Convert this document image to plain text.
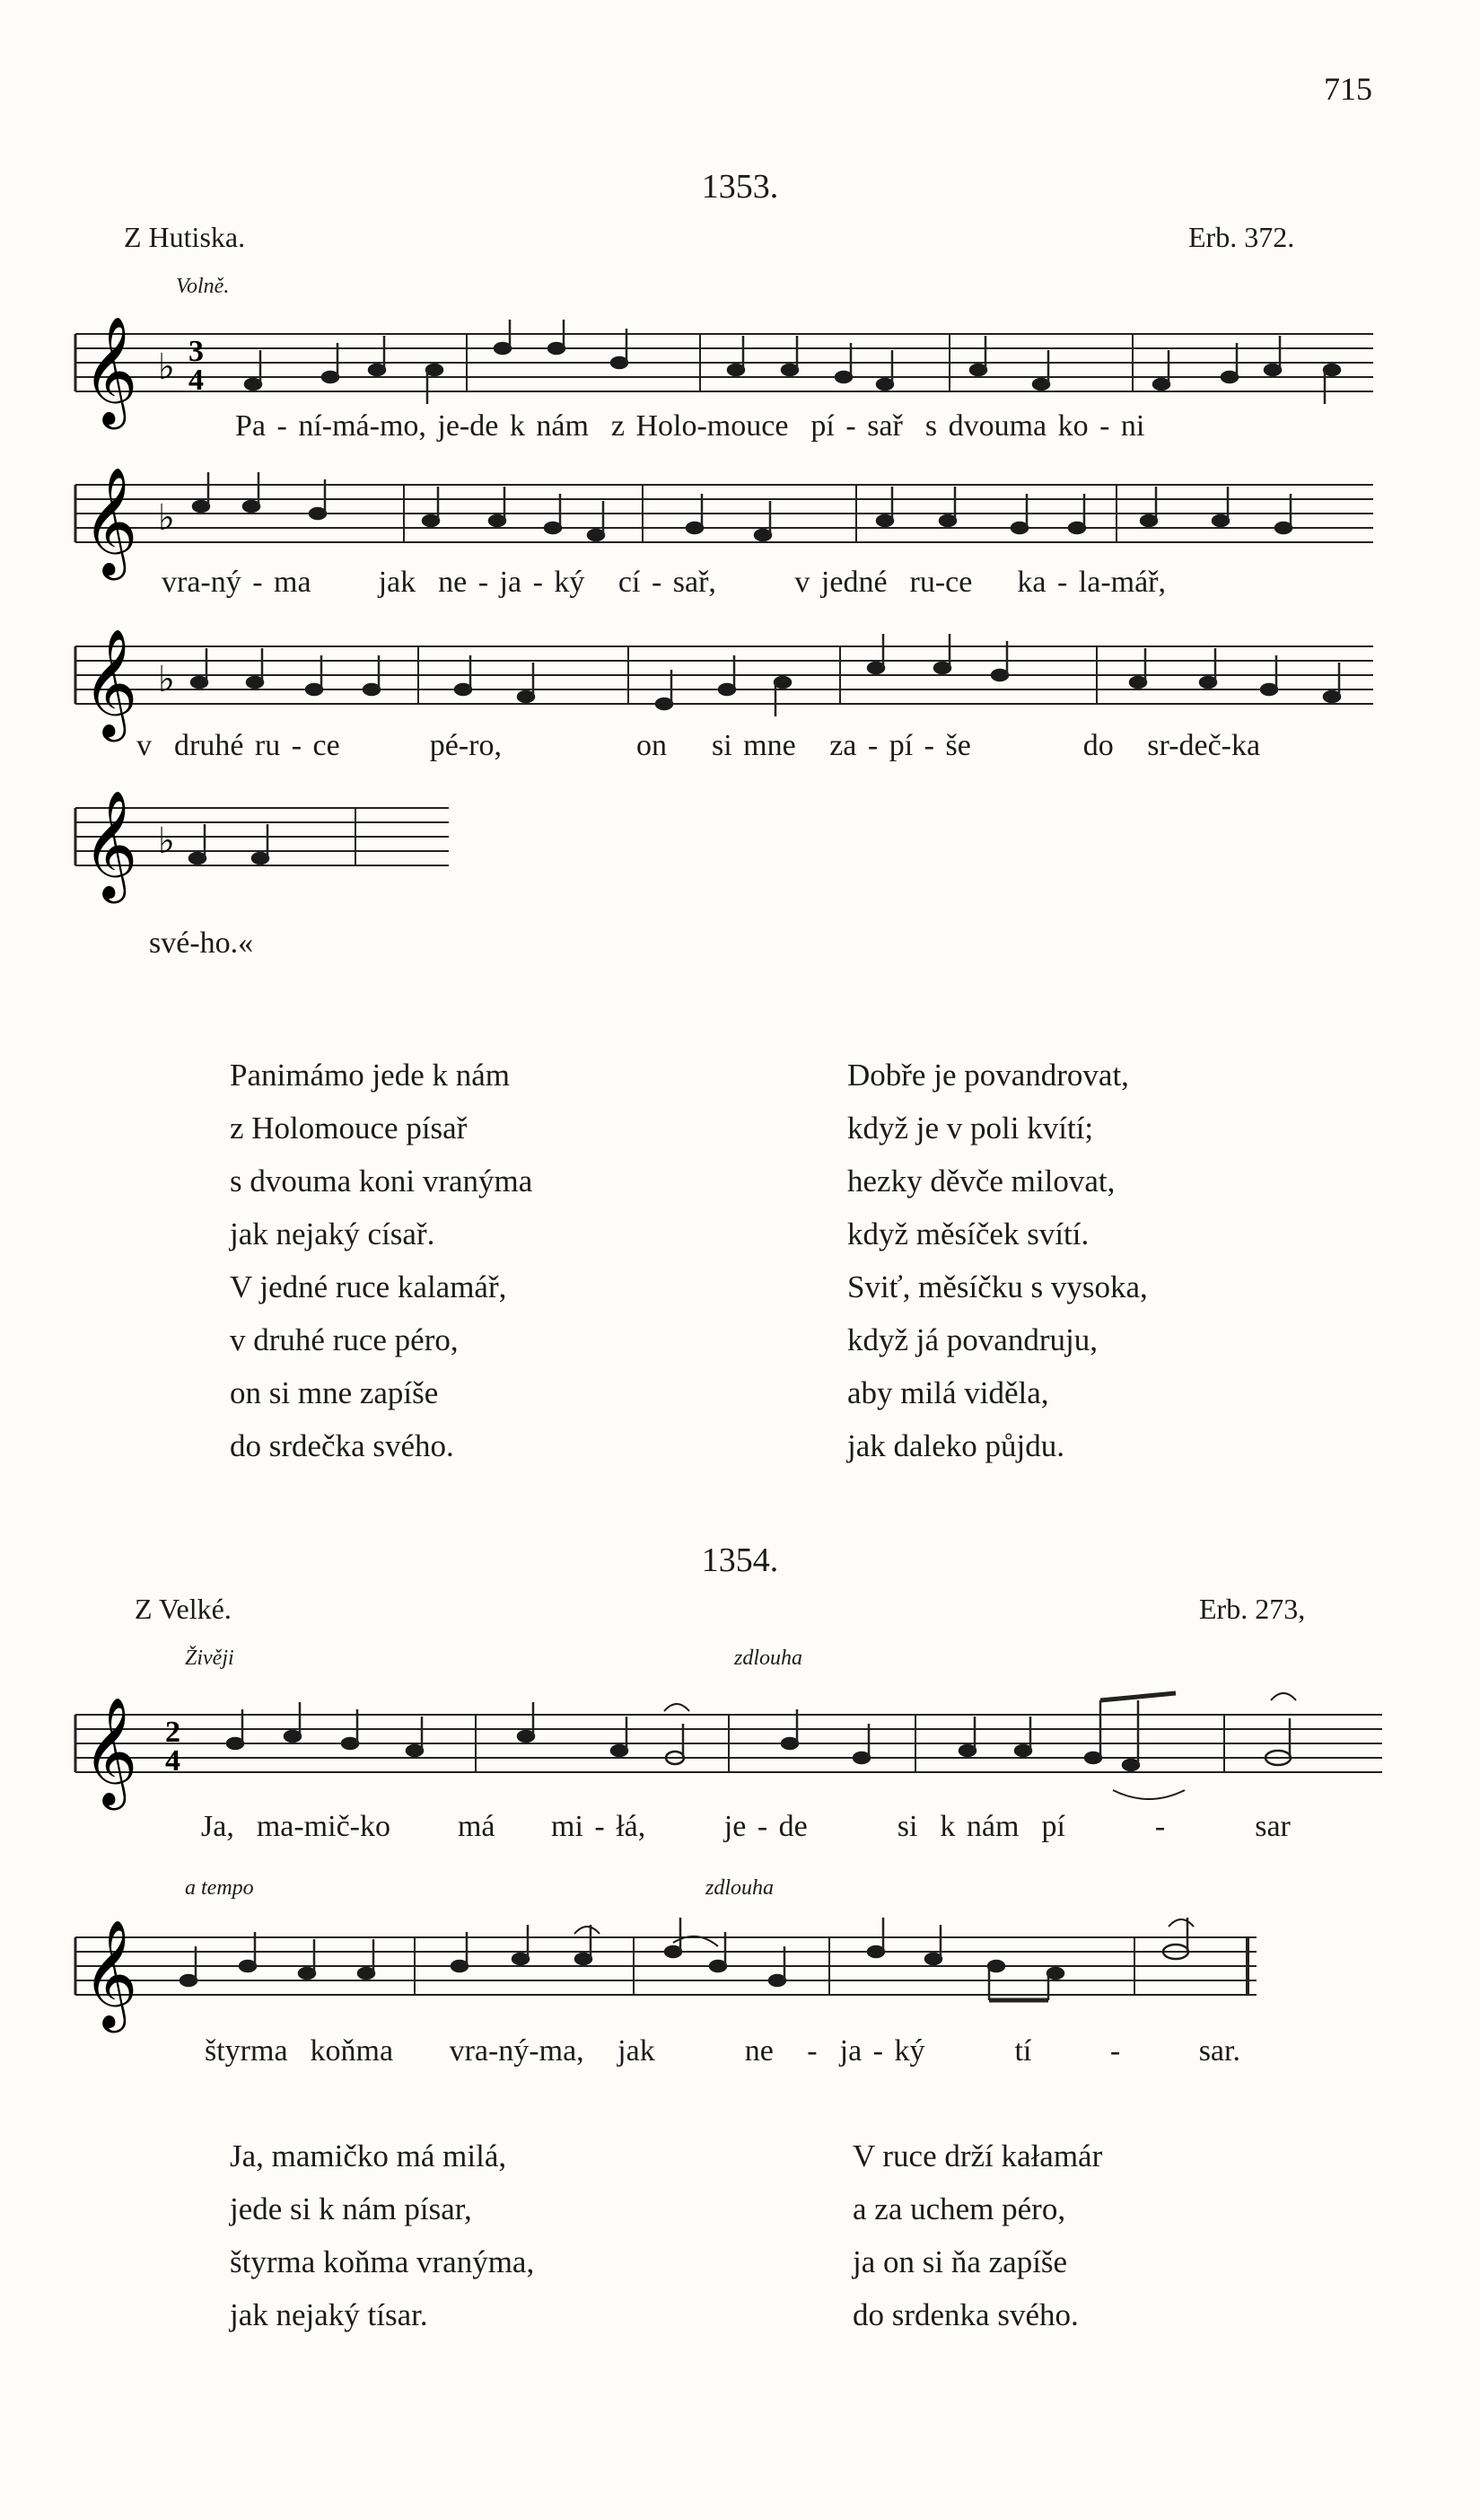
715
1353.
Z Hutiska.	Erb. 372.
Volně.
𝄞 ♭ 3
4
Pa - ní-má-mo, je-de k nám  z Holo-mouce  pí - sař  s dvouma ko - ni
𝄞 ♭
vra-ný - ma      jak  ne - ja - ký   cí - sař,       v jedné  ru-ce    ka - la-mář,
𝄞 ♭
v  druhé ru - ce        pé-ro,            on    si mne   za - pí - še          do   sr-deč-ka
𝄞 ♭
své-ho.«
Panimámo jede k nám
z Holomouce písař
s dvouma koni vranýma
jak nejaký císař.
V jedné ruce kalamář,
v druhé ruce péro,
on si mne zapíše
do srdečka svého.
Dobře je povandrovat,
když je v poli kvítí;
hezky děvče milovat,
když měsíček svítí.
Sviť, měsíčku s vysoka,
když já povandruju,
aby milá viděla,
jak daleko půjdu.
1354.
Z Velké.	Erb. 273,
Živěji	zdlouha
𝄞 2
4
Ja,  ma-mič-ko      má     mi - łá,       je - de        si  k nám  pí        -        sar
a tempo	zdlouha
𝄞
štyrma  koňma     vra-ný-ma,   jak        ne   -  ja - ký        tí       -       sar.
Ja, mamičko má milá,
jede si k nám písar,
štyrma koňma vranýma,
jak nejaký tísar.
V ruce drží kałamár
a za uchem péro,
ja on si ňa zapíše
do srdenka svého.
